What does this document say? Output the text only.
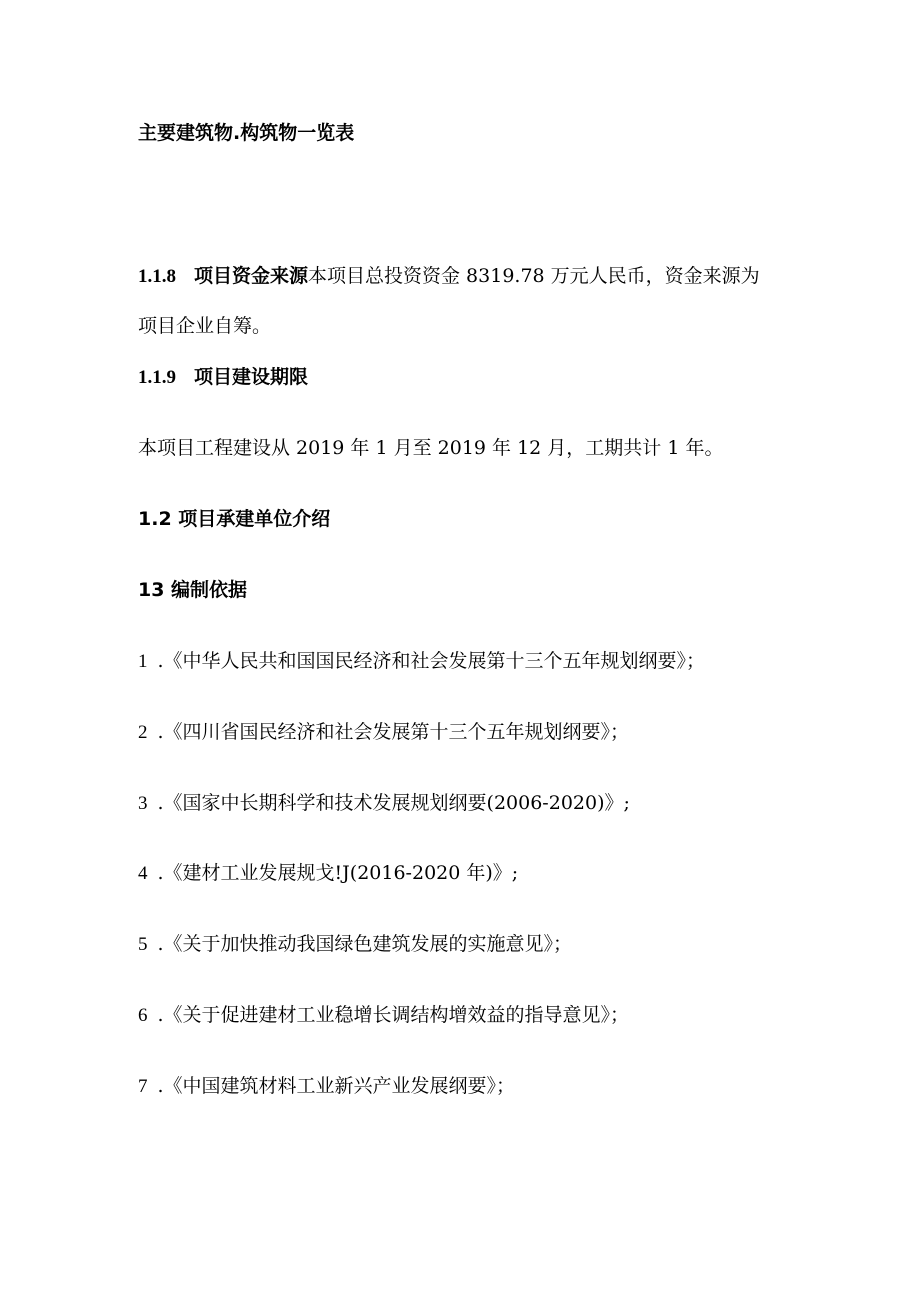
主要建筑物.构筑物一览表
1.1.8 项目资金来源本项目总投资资金 8319.78 万元人民币，资金来源为
项目企业自筹。
1.1.9 项目建设期限
本项目工程建设从 2019 年 1 月至 2019 年 12 月，工期共计 1 年。
1.2 项目承建单位介绍
13 编制依据
1 .《中华人民共和国国民经济和社会发展第十三个五年规划纲要》；
2 .《四川省国民经济和社会发展第十三个五年规划纲要》；
3 .《国家中长期科学和技术发展规划纲要(2006-2020)》;
4 .《建材工业发展规戈!J(2016-2020 年)》;
5 .《关于加快推动我国绿色建筑发展的实施意见》；
6 .《关于促进建材工业稳增长调结构增效益的指导意见》；
7 .《中国建筑材料工业新兴产业发展纲要》；
